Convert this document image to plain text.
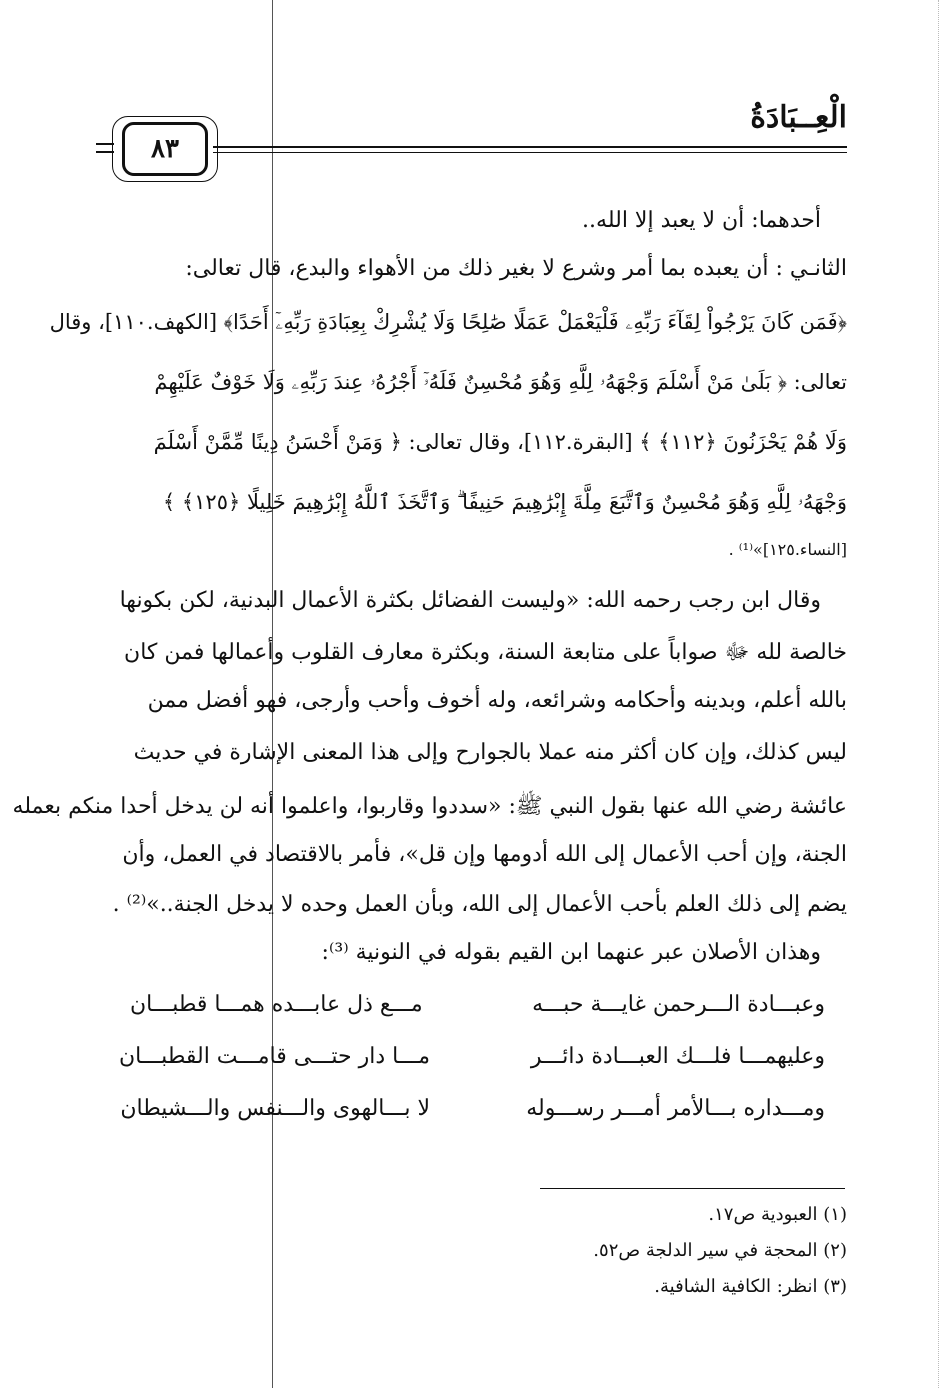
الْعِــبَادَةُ
٨٣

أحدهما: أن لا يعبد إلا الله..

الثانـي : أن يعبده بما أمر وشرع لا بغير ذلك من الأهواء والبدع، قال تعالى:

﴿فَمَن كَانَ يَرْجُواْ لِقَآءَ رَبِّهِۦ فَلْيَعْمَلْ عَمَلًا صَٰلِحًا وَلَا يُشْرِكْ بِعِبَادَةِ رَبِّهِۦٓ أَحَدًا﴾ [الكهف.١١٠]، وقال

تعالى: ﴿ بَلَىٰ مَنْ أَسْلَمَ وَجْهَهُۥ لِلَّهِ وَهُوَ مُحْسِنٌ فَلَهُۥٓ أَجْرُهُۥ عِندَ رَبِّهِۦ وَلَا خَوْفٌ عَلَيْهِمْ

وَلَا هُمْ يَحْزَنُونَ ﴿١١٢﴾ ﴾ [البقرة.١١٢]، وقال تعالى: ﴿ وَمَنْ أَحْسَنُ دِينًا مِّمَّنْ أَسْلَمَ

وَجْهَهُۥ لِلَّهِ وَهُوَ مُحْسِنٌ وَٱتَّبَعَ مِلَّةَ إِبْرَٰهِيمَ حَنِيفًا ۗ وَٱتَّخَذَ ٱللَّهُ إِبْرَٰهِيمَ خَلِيلًا ﴿١٢٥﴾ ﴾

[النساء.١٢٥]»⁽¹⁾ .

وقال ابن رجب رحمه الله: «وليست الفضائل بكثرة الأعمال البدنية، لكن بكونها

خالصة لله ﷻ صواباً على متابعة السنة، وبكثرة معارف القلوب وأعمالها فمن كان

بالله أعلم، وبدينه وأحكامه وشرائعه، وله أخوف وأحب وأرجى، فهو أفضل ممن

ليس كذلك، وإن كان أكثر منه عملا بالجوارح وإلى هذا المعنى الإشارة في حديث

عائشة رضي الله عنها بقول النبي ﷺ: «سددوا وقاربوا، واعلموا أنه لن يدخل أحدا منكم بعمله

الجنة، وإن أحب الأعمال إلى الله أدومها وإن قل»، فأمر بالاقتصاد في العمل، وأن

يضم إلى ذلك العلم بأحب الأعمال إلى الله، وبأن العمل وحده لا يدخل الجنة..»⁽²⁾ .

وهذان الأصلان عبر عنهما ابن القيم بقوله في النونية ⁽³⁾:

وعبـــادة الـــرحمن غايـــة حبـــه
مـــع ذل عابـــده همـــا قطبـــان
وعليهمـــا فلـــك العبـــادة دائـــر
مـــا دار حتـــى قامـــت القطبـــان
ومـــداره بـــالأمر أمـــر رســـوله
لا بـــالهوى والـــنفس والـــشيطان

(١) العبودية ص١٧.

(٢) المحجة في سير الدلجة ص٥٢.

(٣) انظر: الكافية الشافية.
